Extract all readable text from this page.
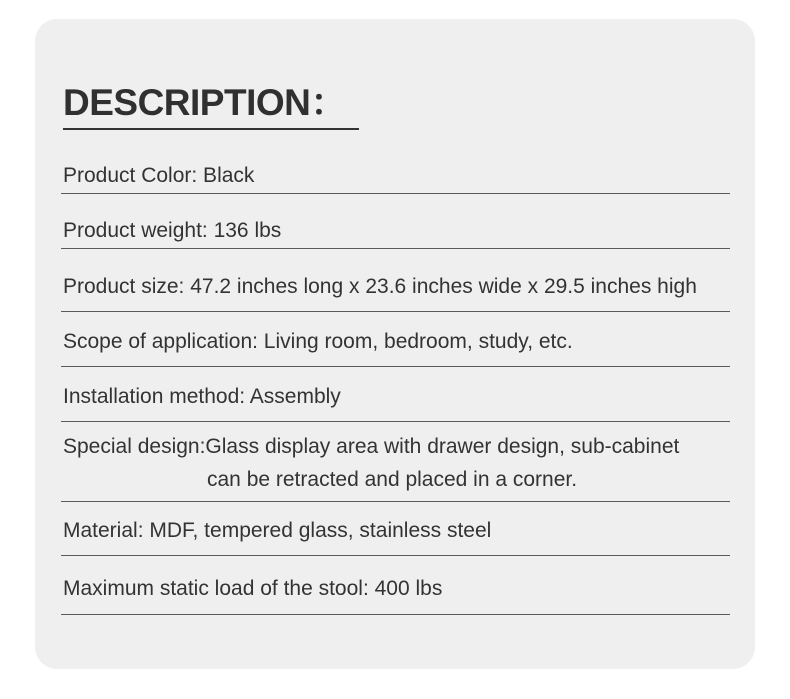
DESCRIPTION：
Product Color: Black
Product weight: 136 lbs
Product size: 47.2 inches long x 23.6 inches wide x 29.5 inches high
Scope of application: Living room, bedroom, study, etc.
Installation method: Assembly
Special design:Glass display area with drawer design, sub-cabinet
can be retracted and placed in a corner.
Material: MDF, tempered glass, stainless steel
Maximum static load of the stool: 400 lbs
